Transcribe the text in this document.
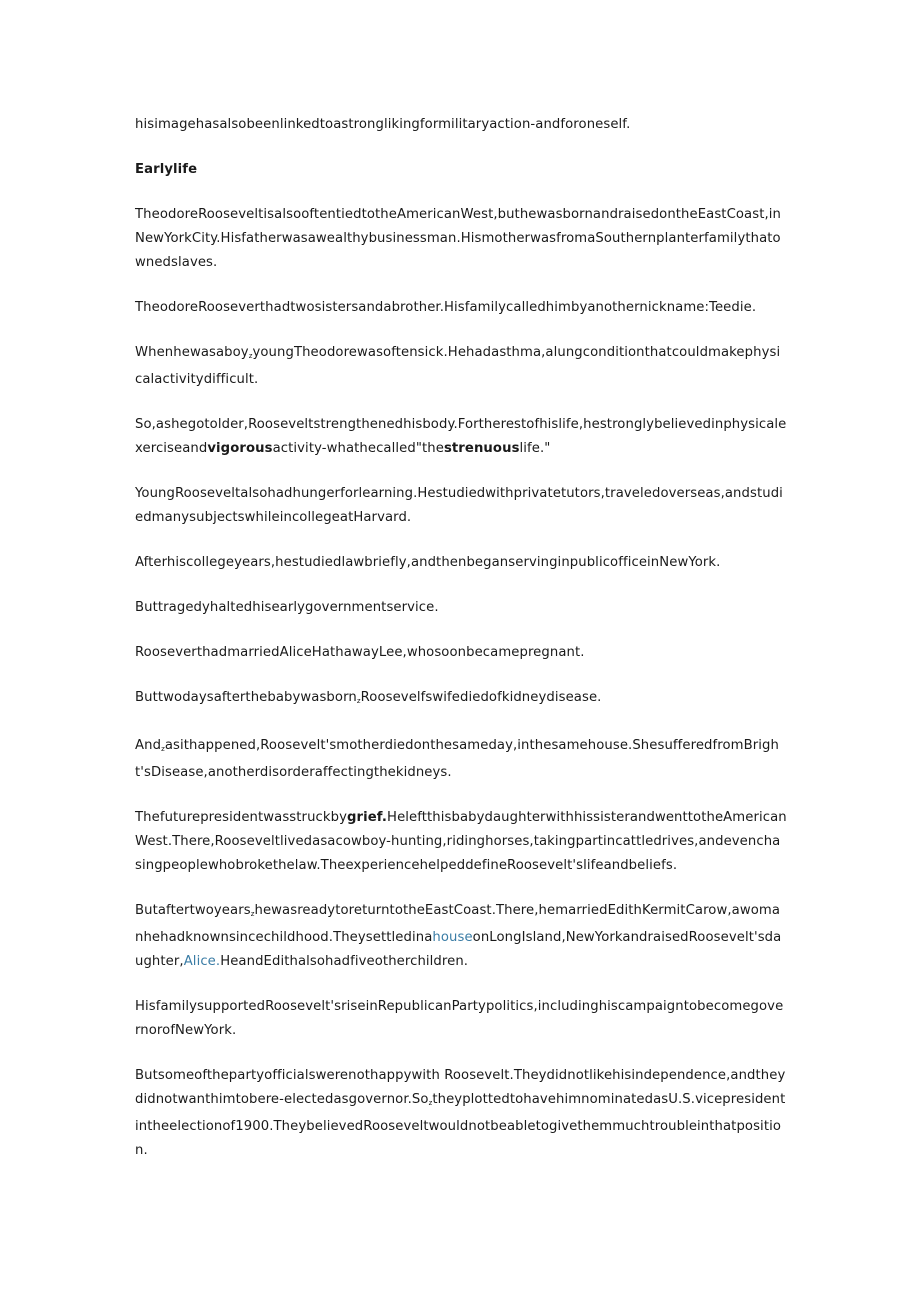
hisimagehasalsobeenlinkedtoastronglikingformilitaryaction-andforoneself.

Earlylife

TheodoreRooseveltisalsooftentiedtotheAmericanWest,buthewasbornandraisedontheEastCoast,inNewYorkCity.Hisfatherwasawealthybusinessman.HismotherwasfromaSouthernplanterfamilythatownedslaves.

TheodoreRooseverthadtwosistersandabrother.Hisfamilycalledhimbyanothernickname:Teedie.

Whenhewasaboy$_z$youngTheodorewasoftensick.Hehadasthma,alungconditionthatcouldmakephysicalactivitydifficult.

So,ashegotolder,Rooseveltstrengthenedhisbody.Fortherestofhislife,hestronglybelievedinphysicalexerciseandvigorousactivity-whathecalled"thestrenuouslife."

YoungRooseveltalsohadhungerforlearning.Hestudiedwithprivatetutors,traveledoverseas,andstudiedmanysubjectswhileincollegeatHarvard.

Afterhiscollegeyears,hestudiedlawbriefly,andthenbeganservinginpublicofficeinNewYork.

Buttragedyhaltedhisearlygovernmentservice.

RooseverthadmarriedAliceHathawayLee,whosoonbecamepregnant.

Buttwodaysafterthebabywasborn$_z$Roosevelfswifediedofkidneydisease.

And$_z$asithappened,Roosevelt'smotherdiedonthesameday,inthesamehouse.ShesufferedfromBright'sDisease,anotherdisorderaffectingthekidneys.

Thefuturepresidentwasstruckbygrief.HeleftthisbabydaughterwithhissisterandwenttotheAmericanWest.There,Rooseveltlivedasacowboy-hunting,ridinghorses,takingpartincattledrives,andevenchasingpeoplewhobrokethelaw.TheexperiencehelpeddefineRoosevelt'slifeandbeliefs.

Butaftertwoyears$_z$hewasreadytoreturntotheEastCoast.There,hemarriedEdithKermitCarow,awomanhehadknownsincechildhood.TheysettledinahouseonLongIsland,NewYorkandraisedRoosevelt'sdaughter,Alice.HeandEdithalsohadfiveotherchildren.

HisfamilysupportedRoosevelt'sriseinRepublicanPartypolitics,includinghiscampaigntobecomegovernorofNewYork.

Butsomeofthepartyofficialswerenothappywith $Roosevelt.Theydidnotlikehisindependence,andtheydidnotwanthimtobere-electedasgovernor.So_ztheyplottedtohavehimnominatedasU$.S.vicepresidentintheelectionof1900.TheybelievedRooseveltwouldnotbeabletogivethemmuchtroubleinthatposition.
